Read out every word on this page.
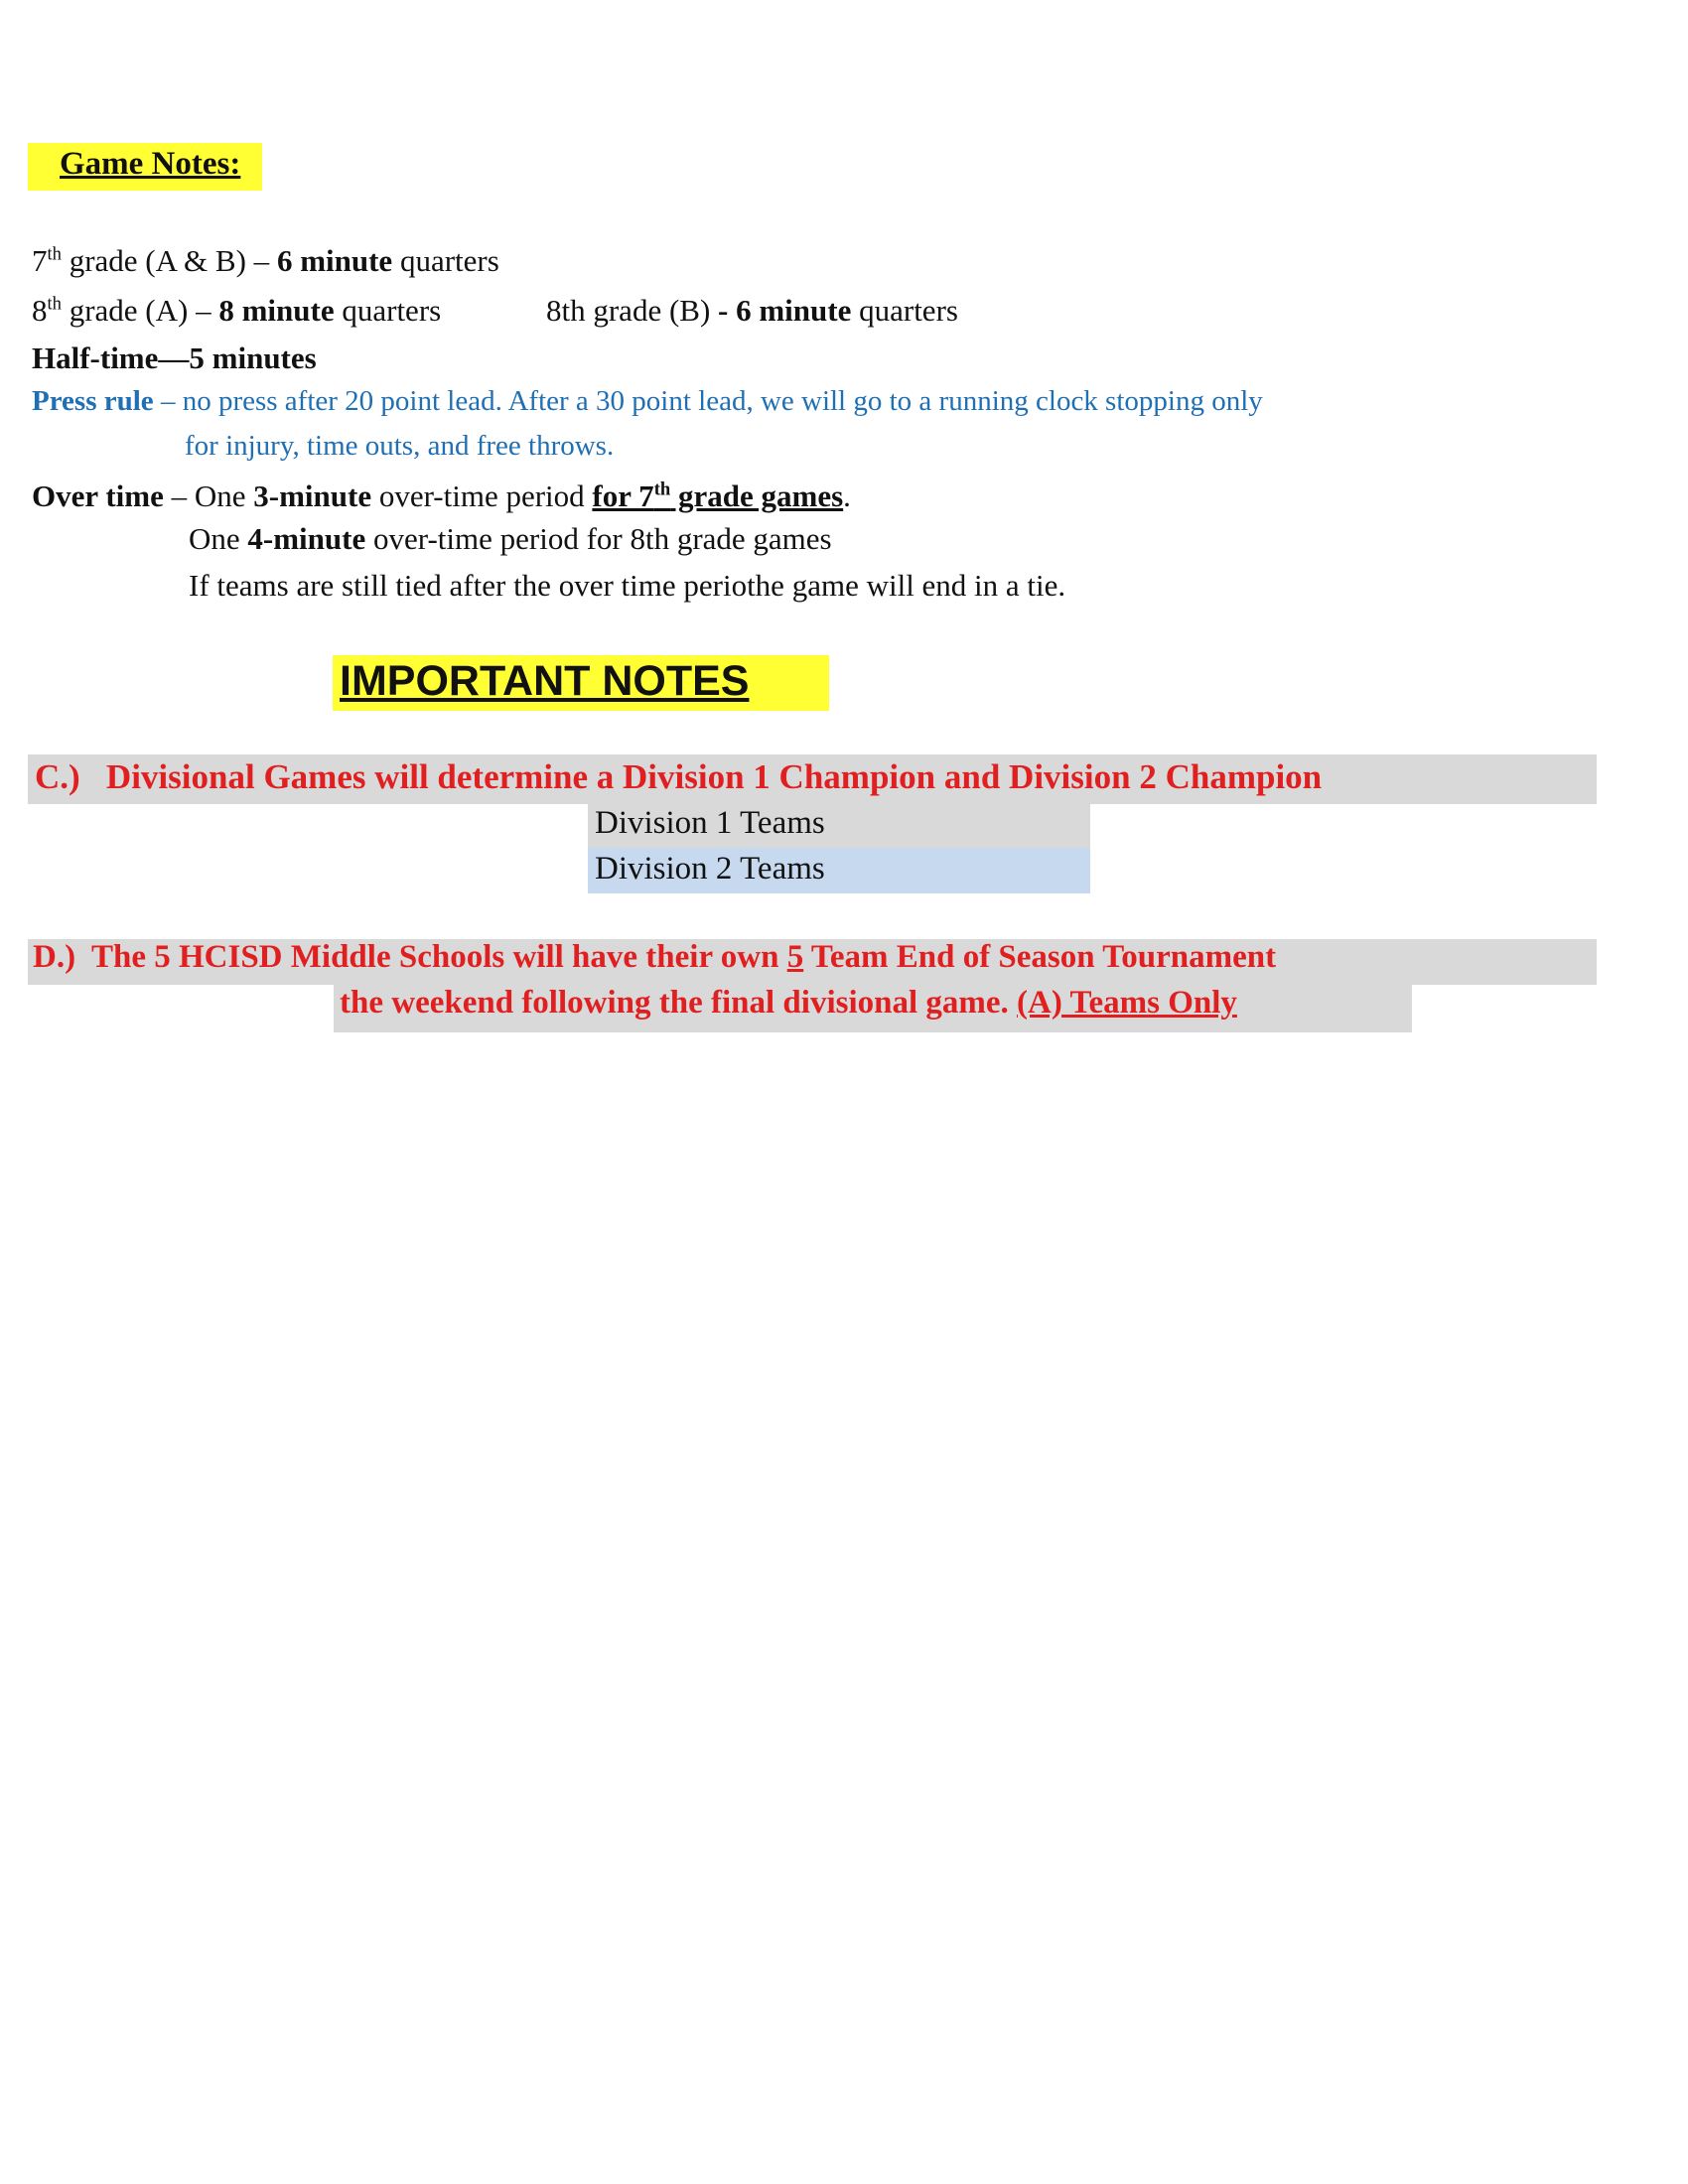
Game Notes:
7th grade (A & B) – 6 minute quarters
8th grade (A) – 8 minute quarters	8th grade (B) - 6 minute quarters
Half-time—5 minutes
Press rule – no press after 20 point lead. After a 30 point lead, we will go to a running clock stopping only
for injury, time outs, and free throws.
Over time – One 3-minute over-time period for 7th grade games.
One 4-minute over-time period for 8th grade games
If teams are still tied after the over time periothe game will end in a tie.
IMPORTANT NOTES
C.)   Divisional Games will determine a Division 1 Champion and Division 2 Champion
Division 1 Teams
Division 2 Teams
D.)  The 5 HCISD Middle Schools will have their own 5 Team End of Season Tournament
the weekend following the final divisional game. (A) Teams Only
